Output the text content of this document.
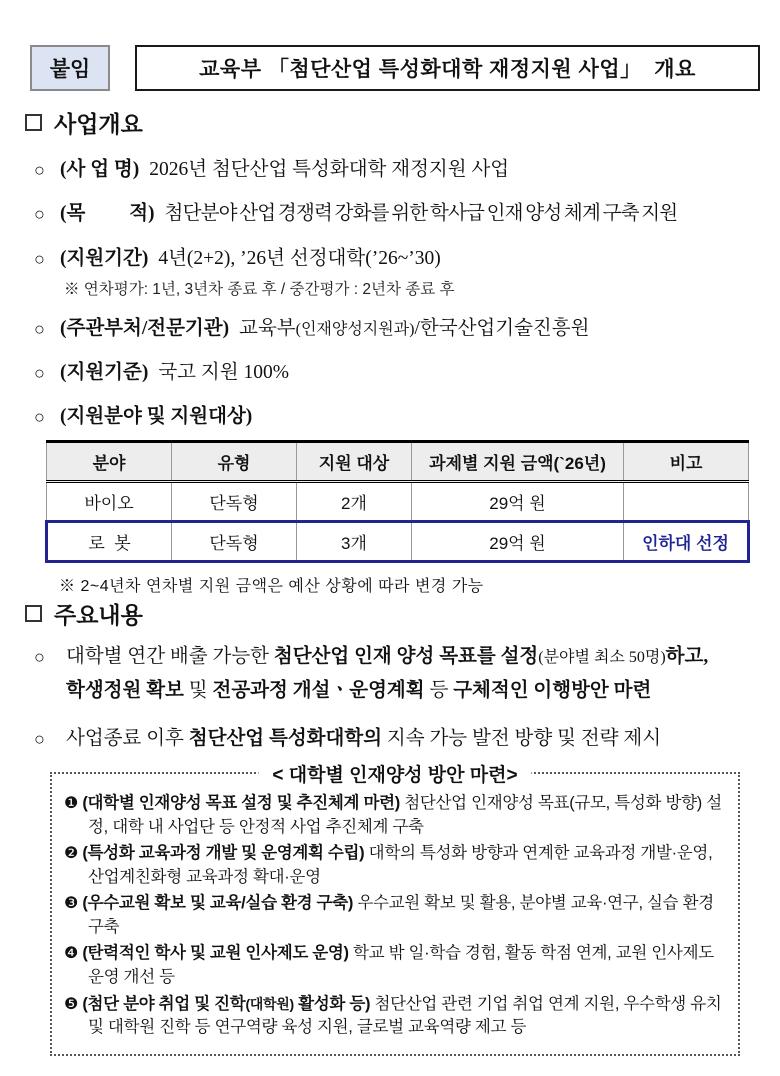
붙임	교육부 「첨단산업 특성화대학 재정지원 사업」  개요
사업개요
○ (사 업 명) 2026년 첨단산업 특성화대학 재정지원 사업
○ (목　　 적) 첨단분야 산업 경쟁력 강화를 위한 학사급 인재 양성 체계 구축 지원
○ (지원기간) 4년(2+2), ’26년 선정대학(’26~’30)
※ 연차평가: 1년, 3년차 종료 후 / 중간평가 : 2년차 종료 후
○ (주관부처/전문기관) 교육부(인재양성지원과)/한국산업기술진흥원
○ (지원기준) 국고 지원 100%
○ (지원분야 및 지원대상)
분야	유형	지원 대상	과제별 지원 금액(`26년)	비고
바이오	단독형	2개	29억 원	
로  봇	단독형	3개	29억 원	인하대 선정
※ 2~4년차 연차별 지원 금액은 예산 상황에 따라 변경 가능
주요내용
○	대학별 연간 배출 가능한 첨단산업 인재 양성 목표를 설정(분야별 최소 50명)하고,
학생정원 확보 및 전공과정 개설ㆍ운영계획 등 구체적인 이행방안 마련
○	사업종료 이후 첨단산업 특성화대학의 지속 가능 발전 방향 및 전략 제시
< 대학별 인재양성 방안 마련>
❶ (대학별 인재양성 목표 설정 및 추진체계 마련) 첨단산업 인재양성 목표(규모, 특성화 방향) 설정, 대학 내 사업단 등 안정적 사업 추진체계 구축
❷ (특성화 교육과정 개발 및 운영계획 수립) 대학의 특성화 방향과 연계한 교육과정 개발·운영, 산업계친화형 교육과정 확대·운영
❸ (우수교원 확보 및 교육/실습 환경 구축) 우수교원 확보 및 활용, 분야별 교육·연구, 실습 환경 구축
❹ (탄력적인 학사 및 교원 인사제도 운영) 학교 밖 일·학습 경험, 활동 학점 연계, 교원 인사제도 운영 개선 등
❺ (첨단 분야 취업 및 진학(대학원) 활성화 등) 첨단산업 관련 기업 취업 연계 지원, 우수학생 유치 및 대학원 진학 등 연구역량 육성 지원, 글로벌 교육역량 제고 등
